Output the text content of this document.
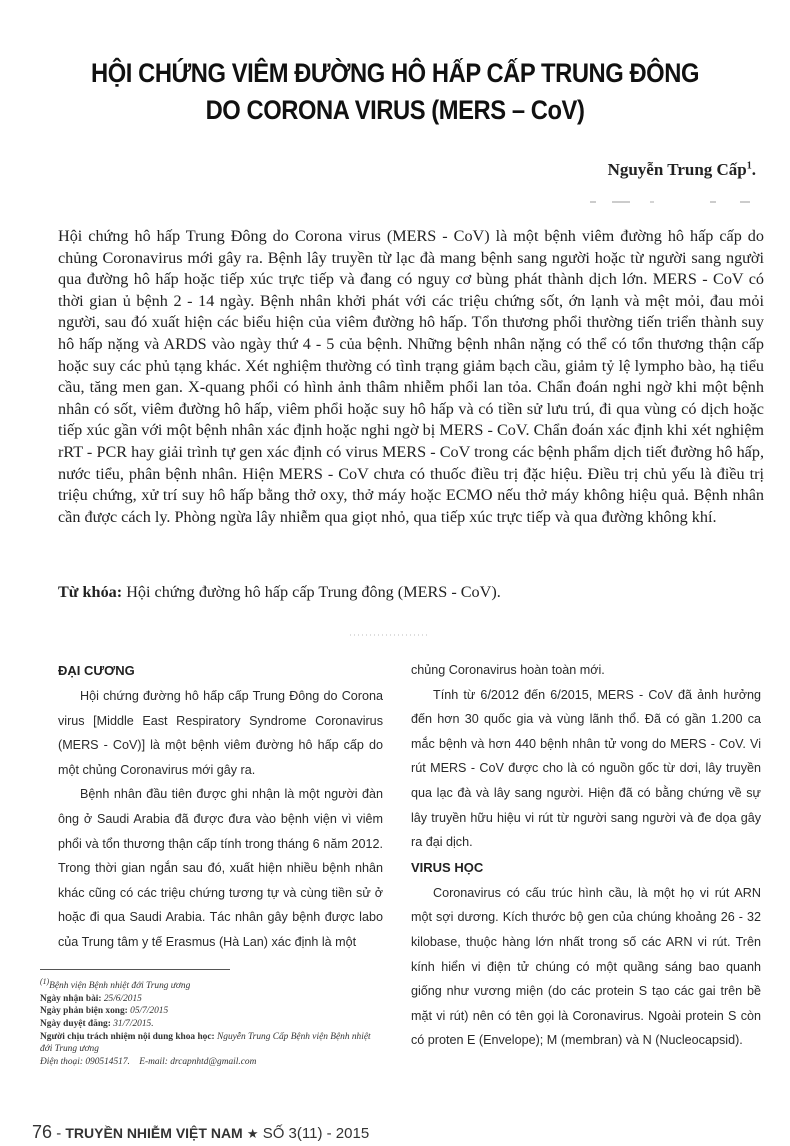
HỘI CHỨNG VIÊM ĐƯỜNG HÔ HẤP CẤP TRUNG ĐÔNG
DO CORONA VIRUS (MERS – CoV)
Nguyễn Trung Cấp$^1$.

Hội chứng hô hấp Trung Đông do Corona virus (MERS - CoV) là một bệnh viêm đường hô hấp cấp do chủng Coronavirus mới gây ra. Bệnh lây truyền từ lạc đà mang bệnh sang người hoặc từ người sang người qua đường hô hấp hoặc tiếp xúc trực tiếp và đang có nguy cơ bùng phát thành dịch lớn. MERS - CoV có thời gian ủ bệnh 2 - 14 ngày. Bệnh nhân khởi phát với các triệu chứng sốt, ớn lạnh và mệt mỏi, đau mỏi người, sau đó xuất hiện các biểu hiện của viêm đường hô hấp. Tổn thương phổi thường tiến triển thành suy hô hấp nặng và ARDS vào ngày thứ 4 - 5 của bệnh. Những bệnh nhân nặng có thể có tổn thương thận cấp hoặc suy các phủ tạng khác. Xét nghiệm thường có tình trạng giảm bạch cầu, giảm tỷ lệ lympho bào, hạ tiểu cầu, tăng men gan. X-quang phổi có hình ảnh thâm nhiễm phổi lan tỏa. Chẩn đoán nghi ngờ khi một bệnh nhân có sốt, viêm đường hô hấp, viêm phổi hoặc suy hô hấp và có tiền sử lưu trú, đi qua vùng có dịch hoặc tiếp xúc gần với một bệnh nhân xác định hoặc nghi ngờ bị MERS - CoV. Chẩn đoán xác định khi xét nghiệm rRT - PCR hay giải trình tự gen xác định có virus MERS - CoV trong các bệnh phẩm dịch tiết đường hô hấp, nước tiểu, phân bệnh nhân. Hiện MERS - CoV chưa có thuốc điều trị đặc hiệu. Điều trị chủ yếu là điều trị triệu chứng, xử trí suy hô hấp bằng thở oxy, thở máy hoặc ECMO nếu thở máy không hiệu quả. Bệnh nhân cần được cách ly. Phòng ngừa lây nhiễm qua giọt nhỏ, qua tiếp xúc trực tiếp và qua đường không khí.

Từ khóa: Hội chứng đường hô hấp cấp Trung đông (MERS - CoV).
ĐẠI CƯƠNG

Hội chứng đường hô hấp cấp Trung Đông do Corona virus [Middle East Respiratory Syndrome Coronavirus (MERS - CoV)] là một bệnh viêm đường hô hấp cấp do một chủng Coronavirus mới gây ra.

Bệnh nhân đầu tiên được ghi nhận là một người đàn ông ở Saudi Arabia đã được đưa vào bệnh viện vì viêm phổi và tổn thương thận cấp tính trong tháng 6 năm 2012. Trong thời gian ngắn sau đó, xuất hiện nhiều bệnh nhân khác cũng có các triệu chứng tương tự và cùng tiền sử ở hoặc đi qua Saudi Arabia. Tác nhân gây bệnh được labo của Trung tâm y tế Erasmus (Hà Lan) xác định là một

chủng Coronavirus hoàn toàn mới.

Tính từ 6/2012 đến 6/2015, MERS - CoV đã ảnh hưởng đến hơn 30 quốc gia và vùng lãnh thổ. Đã có gần 1.200 ca mắc bệnh và hơn 440 bệnh nhân tử vong do MERS - CoV. Vi rút MERS - CoV được cho là có nguồn gốc từ dơi, lây truyền qua lạc đà và lây sang người. Hiện đã có bằng chứng về sự lây truyền hữu hiệu vi rút từ người sang người và đe dọa gây ra đại dịch.

VIRUS HỌC

Coronavirus có cấu trúc hình cầu, là một họ vi rút ARN một sợi dương. Kích thước bộ gen của chúng khoảng 26 - 32 kilobase, thuộc hàng lớn nhất trong số các ARN vi rút. Trên kính hiển vi điện tử chúng có một quầng sáng bao quanh giống như vương miện (do các protein S tạo các gai trên bề mặt vi rút) nên có tên gọi là Coronavirus. Ngoài protein S còn có proten E (Envelope); M (membran) và N (Nucleocapsid).

$^{(1)}$Bệnh viện Bệnh nhiệt đới Trung ương
Ngày nhận bài: 25/6/2015
Ngày phản biện xong: 05/7/2015
Ngày duyệt đăng: 31/7/2015.
Người chịu trách nhiệm nội dung khoa học: Nguyễn Trung Cấp Bệnh viện Bệnh nhiệt đới Trung ương
Điện thoại: 090514517. E-mail: drcapnhtd@gmail.com
76 - TRUYỀN NHIỄM VIỆT NAM ★ SỐ 3(11) - 2015
